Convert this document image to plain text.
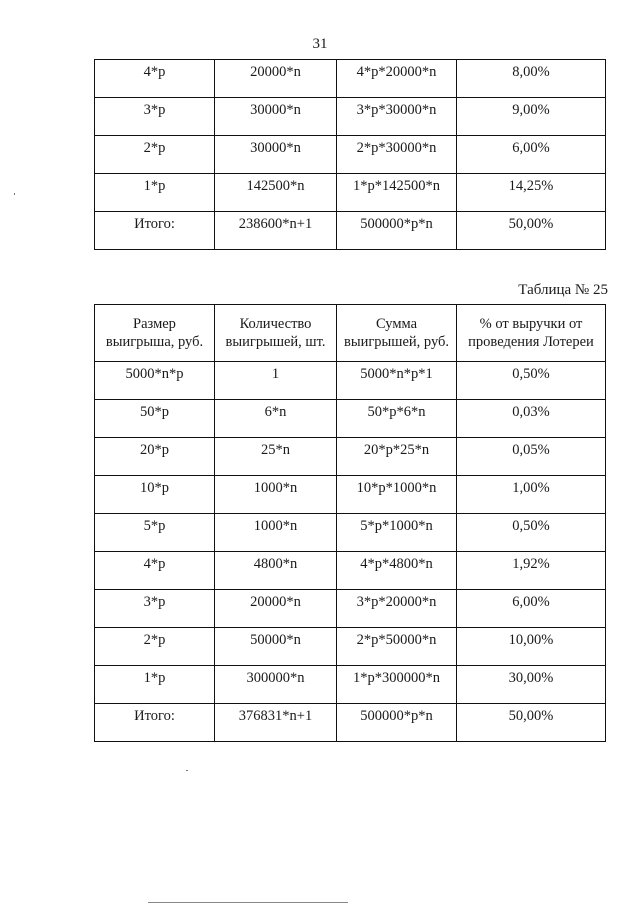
31
4*р	20000*n	4*р*20000*n	8,00%
3*р	30000*n	3*р*30000*n	9,00%
2*р	30000*n	2*р*30000*n	6,00%
1*р	142500*n	1*р*142500*n	14,25%
Итого:	238600*n+1	500000*р*n	50,00%
Таблица № 25
Размер выигрыша, руб.	Количество выигрышей, шт.	Сумма выигрышей, руб.	% от выручки от проведения Лотереи
5000*n*р	1	5000*n*р*1	0,50%
50*р	6*n	50*р*6*n	0,03%
20*р	25*n	20*р*25*n	0,05%
10*р	1000*n	10*р*1000*n	1,00%
5*р	1000*n	5*р*1000*n	0,50%
4*р	4800*n	4*р*4800*n	1,92%
3*р	20000*n	3*р*20000*n	6,00%
2*р	50000*n	2*р*50000*n	10,00%
1*р	300000*n	1*р*300000*n	30,00%
Итого:	376831*n+1	500000*р*n	50,00%
